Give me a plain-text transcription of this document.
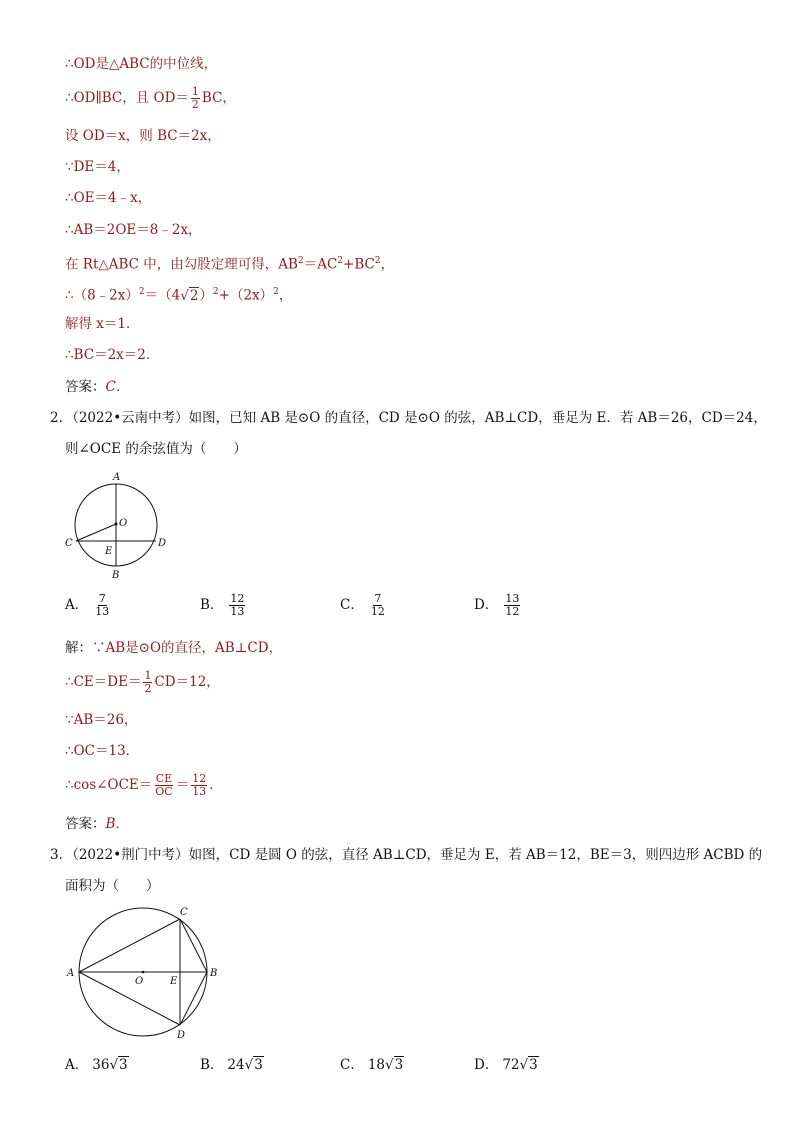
∴OD是△ABC的中位线，
∴OD∥BC，且 $OD= \frac{1}{2}$ BC，
设 OD＝x，则 BC＝2x，
∵DE＝4，
∴OE＝4﹣x，
∴AB＝2OE＝8﹣2x，
在 Rt△ABC 中，由勾股定理可得，$AB^2=AC^2+BC^2$，
$\therefore(8﹣2x)^2=(4√2)^2+(2x)^2$，
解得 x＝1．
∴BC＝2x＝2．
答案：C．
2．（2022•云南中考）如图，已知 AB 是⊙O 的直径，CD 是⊙O 的弦，AB⊥CD，垂足为 E．若 AB＝26，CD＝24，
则∠OCE 的余弦值为（　　）
A
O
C	D
E
B
A． $\frac{7}{13}$	B． $\frac{12}{13}$	C． $\frac{7}{12}$	D． $\frac{13}{12}$
解：∵AB是⊙O的直径，AB⊥CD，
∴CE＝DE＝ $\frac{1}{2} CD=12$，
∵AB＝26，
∴OC＝13．
∴cos∠OCE＝ $\frac{CE}{OC} = \frac{12}{13}$ ．
答案：B．
3．（2022•荆门中考）如图，CD 是圆 O 的弦，直径 AB⊥CD，垂足为 E，若 AB＝12，BE＝3，则四边形 ACBD 的
面积为（　　）
A	B
C
D
O	E
A． 36√3	B． 24√3	C． 18√3	D． 72√3
